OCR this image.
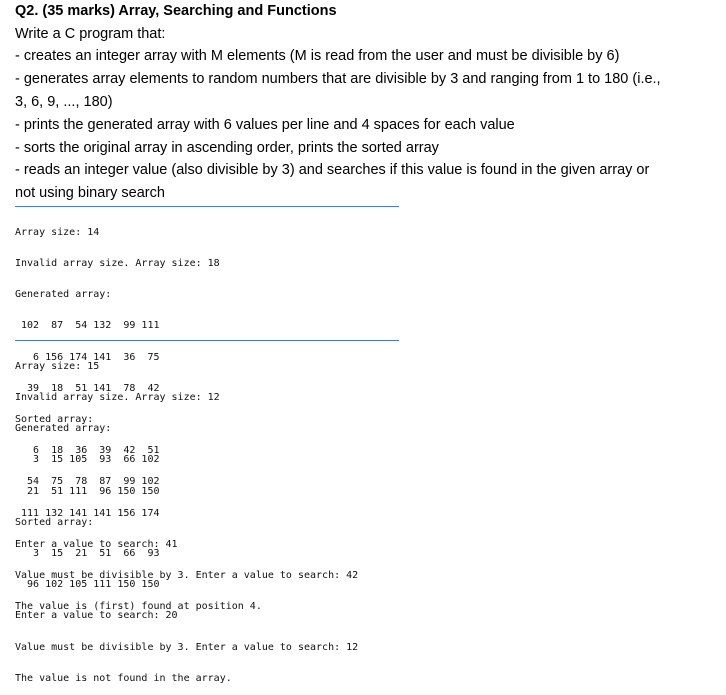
Q2. (35 marks) Array, Searching and Functions
Write a C program that:
- creates an integer array with M elements (M is read from the user and must be divisible by 6)
- generates array elements to random numbers that are divisible by 3 and ranging from 1 to 180 (i.e.,
3, 6, 9, ..., 180)
- prints the generated array with 6 values per line and 4 spaces for each value
- sorts the original array in ascending order, prints the sorted array
- reads an integer value (also divisible by 3) and searches if this value is found in the given array or
not using binary search

Array size: 14

Invalid array size. Array size: 18

Generated array:

102  87  54 132  99 111

6 156 174 141  36  75

39  18  51 141  78  42

Sorted array:

6  18  36  39  42  51

54  75  78  87  99 102

111 132 141 141 156 174

Enter a value to search: 41

Value must be divisible by 3. Enter a value to search: 42

The value is (first) found at position 4.

Array size: 15

Invalid array size. Array size: 12

Generated array:

3  15 105  93  66 102

21  51 111  96 150 150

Sorted array:

3  15  21  51  66  93

96 102 105 111 150 150

Enter a value to search: 20

Value must be divisible by 3. Enter a value to search: 12

The value is not found in the array.
